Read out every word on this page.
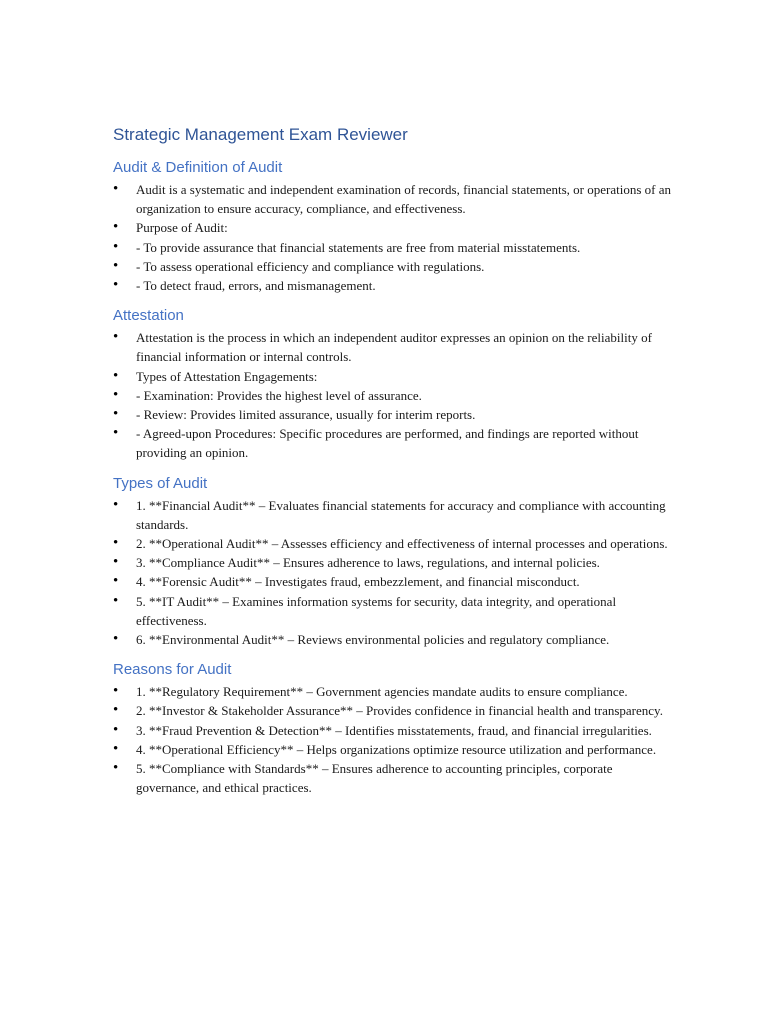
Strategic Management Exam Reviewer
Audit & Definition of Audit
• Audit is a systematic and independent examination of records, financial statements, or operations of an organization to ensure accuracy, compliance, and effectiveness.
• Purpose of Audit:
• - To provide assurance that financial statements are free from material misstatements.
• - To assess operational efficiency and compliance with regulations.
• - To detect fraud, errors, and mismanagement.
Attestation
• Attestation is the process in which an independent auditor expresses an opinion on the reliability of financial information or internal controls.
• Types of Attestation Engagements:
• - Examination: Provides the highest level of assurance.
• - Review: Provides limited assurance, usually for interim reports.
• - Agreed-upon Procedures: Specific procedures are performed, and findings are reported without providing an opinion.
Types of Audit
• 1. **Financial Audit** – Evaluates financial statements for accuracy and compliance with accounting standards.
• 2. **Operational Audit** – Assesses efficiency and effectiveness of internal processes and operations.
• 3. **Compliance Audit** – Ensures adherence to laws, regulations, and internal policies.
• 4. **Forensic Audit** – Investigates fraud, embezzlement, and financial misconduct.
• 5. **IT Audit** – Examines information systems for security, data integrity, and operational effectiveness.
• 6. **Environmental Audit** – Reviews environmental policies and regulatory compliance.
Reasons for Audit
• 1. **Regulatory Requirement** – Government agencies mandate audits to ensure compliance.
• 2. **Investor & Stakeholder Assurance** – Provides confidence in financial health and transparency.
• 3. **Fraud Prevention & Detection** – Identifies misstatements, fraud, and financial irregularities.
• 4. **Operational Efficiency** – Helps organizations optimize resource utilization and performance.
• 5. **Compliance with Standards** – Ensures adherence to accounting principles, corporate governance, and ethical practices.
